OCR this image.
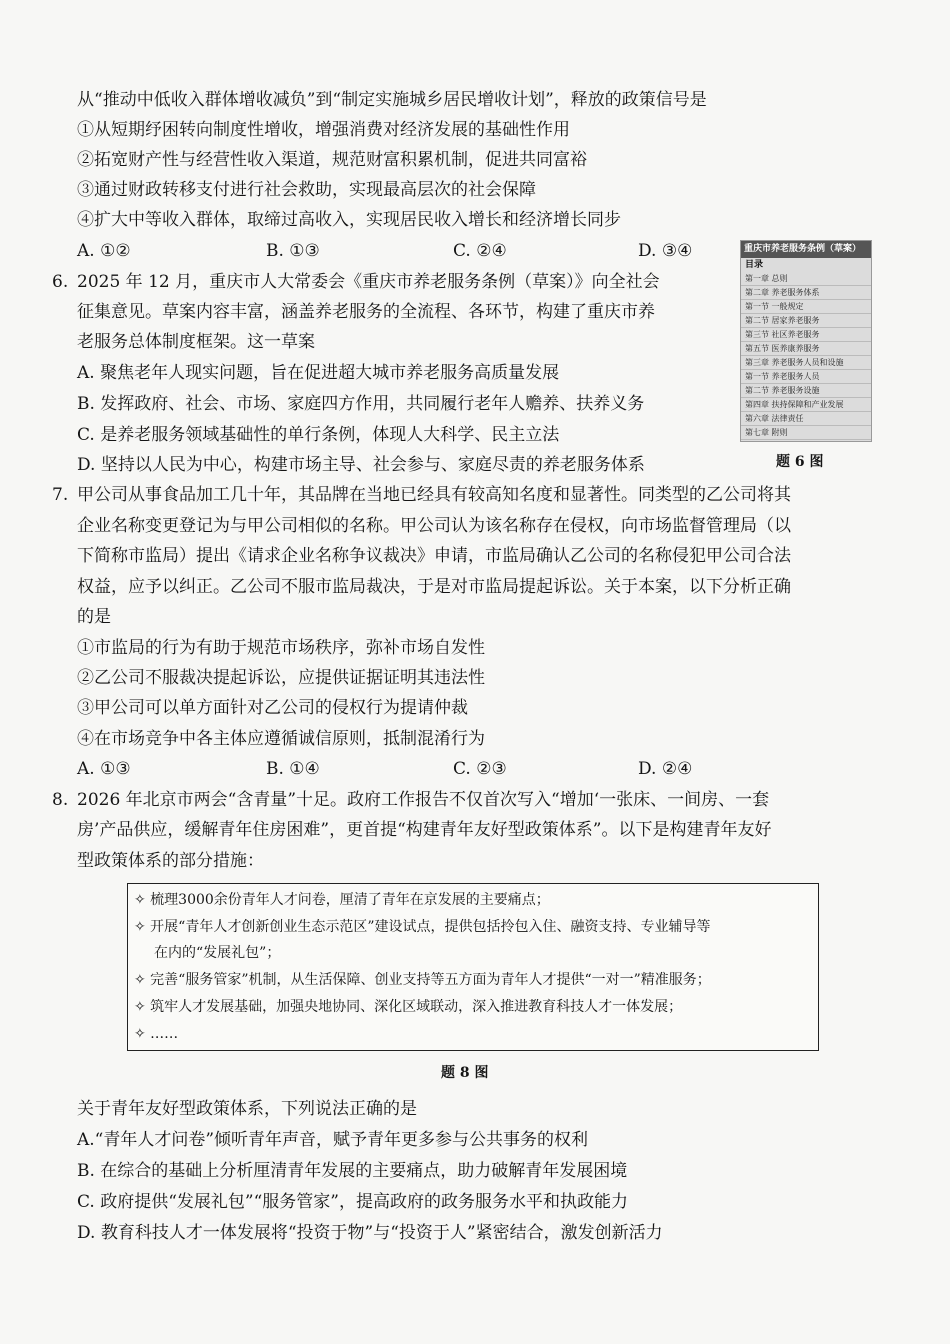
从“推动中低收入群体增收减负”到“制定实施城乡居民增收计划”，释放的政策信号是
①从短期纾困转向制度性增收，增强消费对经济发展的基础性作用
②拓宽财产性与经营性收入渠道，规范财富积累机制，促进共同富裕
③通过财政转移支付进行社会救助，实现最高层次的社会保障
④扩大中等收入群体，取缔过高收入，实现居民收入增长和经济增长同步
A. ①②	B. ①③	C. ②④	D. ③④
6. 2025 年 12 月，重庆市人大常委会《重庆市养老服务条例（草案）》向全社会
征集意见。草案内容丰富，涵盖养老服务的全流程、各环节，构建了重庆市养
老服务总体制度框架。这一草案
A. 聚焦老年人现实问题，旨在促进超大城市养老服务高质量发展
B. 发挥政府、社会、市场、家庭四方作用，共同履行老年人赡养、扶养义务
C. 是养老服务领域基础性的单行条例，体现人大科学、民主立法
D. 坚持以人民为中心，构建市场主导、社会参与、家庭尽责的养老服务体系
重庆市养老服务条例（草案）
目录
第一章 总则
第二章 养老服务体系
第一节 一般规定
第二节 居家养老服务
第三节 社区养老服务
第五节 医养康养服务
第三章 养老服务人员和设施
第一节 养老服务人员
第二节 养老服务设施
第四章 扶持保障和产业发展
第六章 法律责任
第七章 附则
题 6 图
7. 甲公司从事食品加工几十年，其品牌在当地已经具有较高知名度和显著性。同类型的乙公司将其
企业名称变更登记为与甲公司相似的名称。甲公司认为该名称存在侵权，向市场监督管理局（以
下简称市监局）提出《请求企业名称争议裁决》申请，市监局确认乙公司的名称侵犯甲公司合法
权益，应予以纠正。乙公司不服市监局裁决，于是对市监局提起诉讼。关于本案，以下分析正确
的是
①市监局的行为有助于规范市场秩序，弥补市场自发性
②乙公司不服裁决提起诉讼，应提供证据证明其违法性
③甲公司可以单方面针对乙公司的侵权行为提请仲裁
④在市场竞争中各主体应遵循诚信原则，抵制混淆行为
A. ①③	B. ①④	C. ②③	D. ②④
8. 2026 年北京市两会“含青量”十足。政府工作报告不仅首次写入“增加‘一张床、一间房、一套
房’产品供应，缓解青年住房困难”，更首提“构建青年友好型政策体系”。以下是构建青年友好
型政策体系的部分措施：
✧ 梳理3000余份青年人才问卷，厘清了青年在京发展的主要痛点；
✧ 开展“青年人才创新创业生态示范区”建设试点，提供包括拎包入住、融资支持、专业辅导等
在内的“发展礼包”；
✧ 完善“服务管家”机制，从生活保障、创业支持等五方面为青年人才提供“一对一”精准服务；
✧ 筑牢人才发展基础，加强央地协同、深化区域联动，深入推进教育科技人才一体发展；
✧ ……
题 8 图
关于青年友好型政策体系，下列说法正确的是
A.“青年人才问卷”倾听青年声音，赋予青年更多参与公共事务的权利
B. 在综合的基础上分析厘清青年发展的主要痛点，助力破解青年发展困境
C. 政府提供“发展礼包”“服务管家”，提高政府的政务服务水平和执政能力
D. 教育科技人才一体发展将“投资于物”与“投资于人”紧密结合，激发创新活力
